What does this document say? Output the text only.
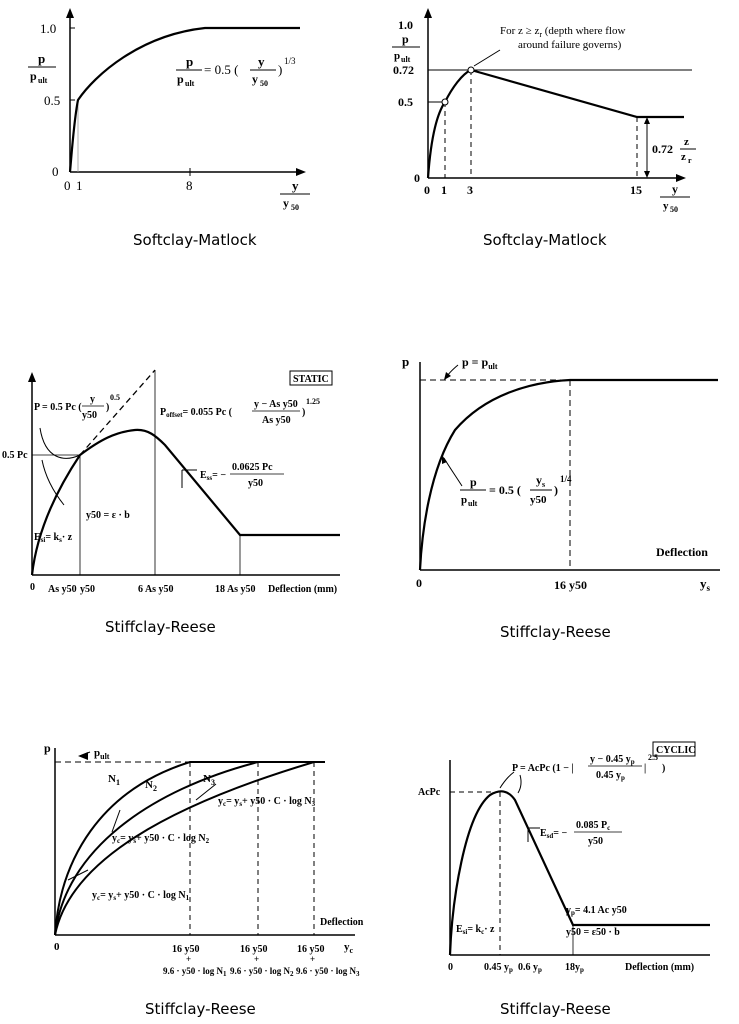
1.0
0.5
0
0 1	8
p
p ult
y
y 50
p
p ult
= 0.5 (
y
y 50
)
1/3
Softclay-Matlock
1.0
0.72
0.5
0
0 1 3	15
p
p ult
y
y 50
For $z \ge z_r$ (depth where flow
around failure governs)
0.72 z
z r
Softclay-Matlock
STATIC
0.5 Pc
0 As y50 y50	6 As y50	18 As y50 Deflection (mm)
P = 0.5 Pc (
y
y50
)
0.5
$P_{offset}= 0.055$ Pc (
y − As y50
As y50
)
1.25
$E_{ss}=$ −
0.0625 Pc
y50
y50 = ε · b
$E_{si}= k_s\cdot z$
Stiffclay-Reese
p	$p = p_{ult}$
0	16 y50	$y_s$
Deflection
p
p ult
= 0.5 (
$y_s$
y50
)
1/4
Stiffclay-Reese
p	$p_{ult}$
0
$N_1$ $N_2$
$N_3$
$y_c= y_s+ y50 \cdot C \cdot \log N_3$
$y_c= y_s+ y50 \cdot C \cdot \log N_2$
$y_c= y_s+ y50 \cdot C \cdot \log N_1$
16 y50	16 y50	16 y50
+	+	+
$9.6 \cdot y50 \cdot \log N_1$ $9.6 \cdot y50 \cdot \log N_2$ $9.6 \cdot y50 \cdot \log N_3$
$y_c$
Deflection
Stiffclay-Reese
CYCLIC
AcPc
0	0.45 $y_p$ 0.6 $y_p$ $18y_p$	Deflection (mm)
P = AcPc (1 − |
y − 0.45 $y_p$
0.45 $y_p$
|
2.5
)
$E_{sd}=$ −
0.085 $P_c$
y50
$y_p= 4.1$ Ac y50
y50 = ε50 · b
$E_{si}= k_c\cdot z$
Stiffclay-Reese
